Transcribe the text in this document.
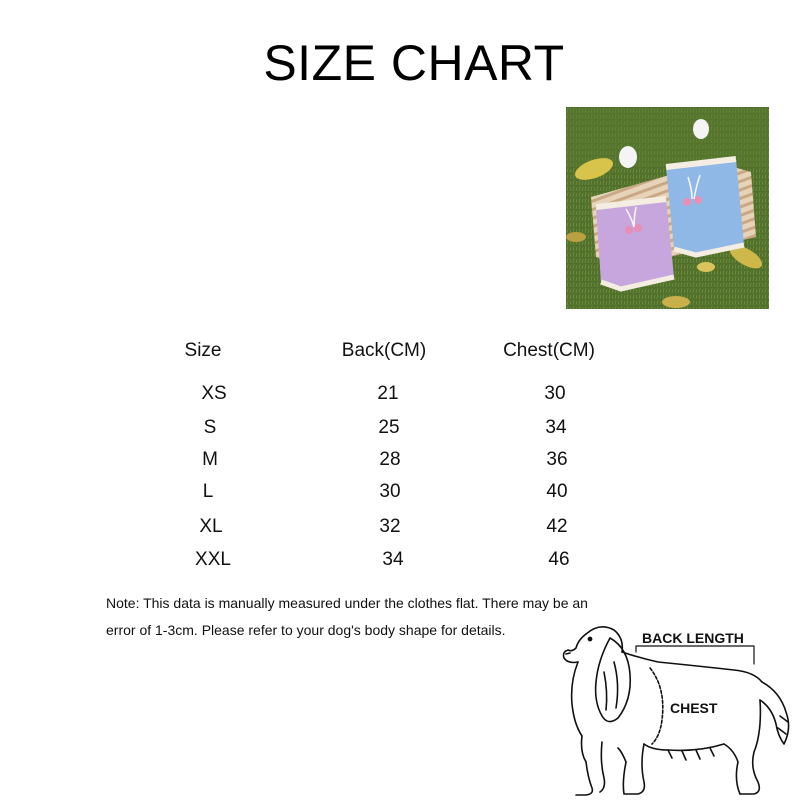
SIZE CHART
Size	Back(CM)	Chest(CM)
XS	21	30
S	25	34
M	28	36
L	30	40
XL	32	42
XXL	34	46
Note: This data is manually measured under the clothes flat. There may be an
error of 1-3cm. Please refer to your dog's body shape for details.	BACK LENGTH
CHEST
